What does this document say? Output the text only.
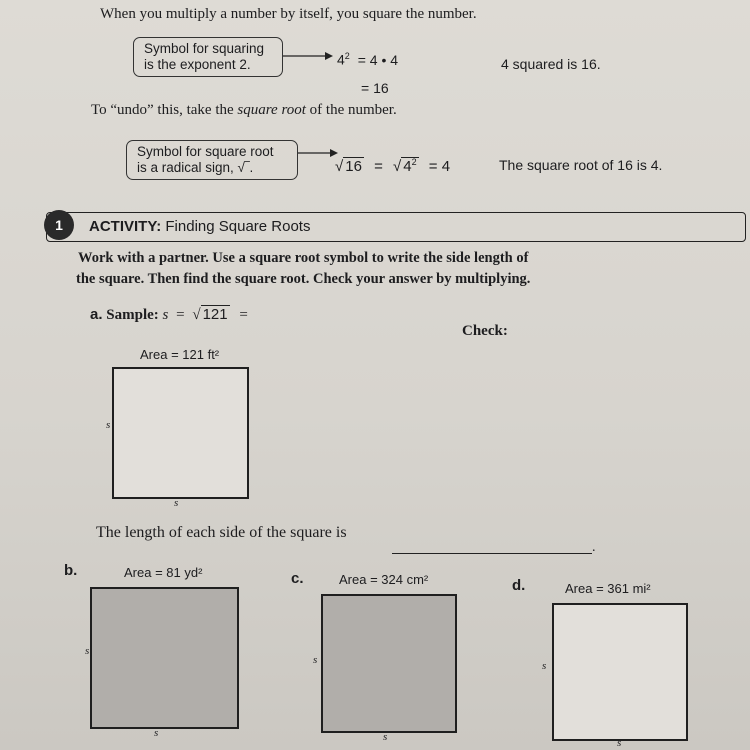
When you multiply a number by itself, you square the number.
Symbol for squaring
is the exponent 2.	$4^2 = 4$ • 4
= 16
4 squared is 16.
To “undo” this, take the square root of the number.
Symbol for square root
is a radical sign, √‾.	√ 16 = √ $4^2 = 4$	The square root of 16 is 4.
1	ACTIVITY: Finding Square Roots
Work with a partner. Use a square root symbol to write the side length of
the square. Then find the square root. Check your answer by multiplying.
a. Sample: s = √ 121 =
Check:
Area = 121 ft²
s
s
The length of each side of the square is
.
b.	Area = 81 yd²
s
s
c.	Area = 324 cm²
s
s
d.	Area = 361 mi²
s
s
